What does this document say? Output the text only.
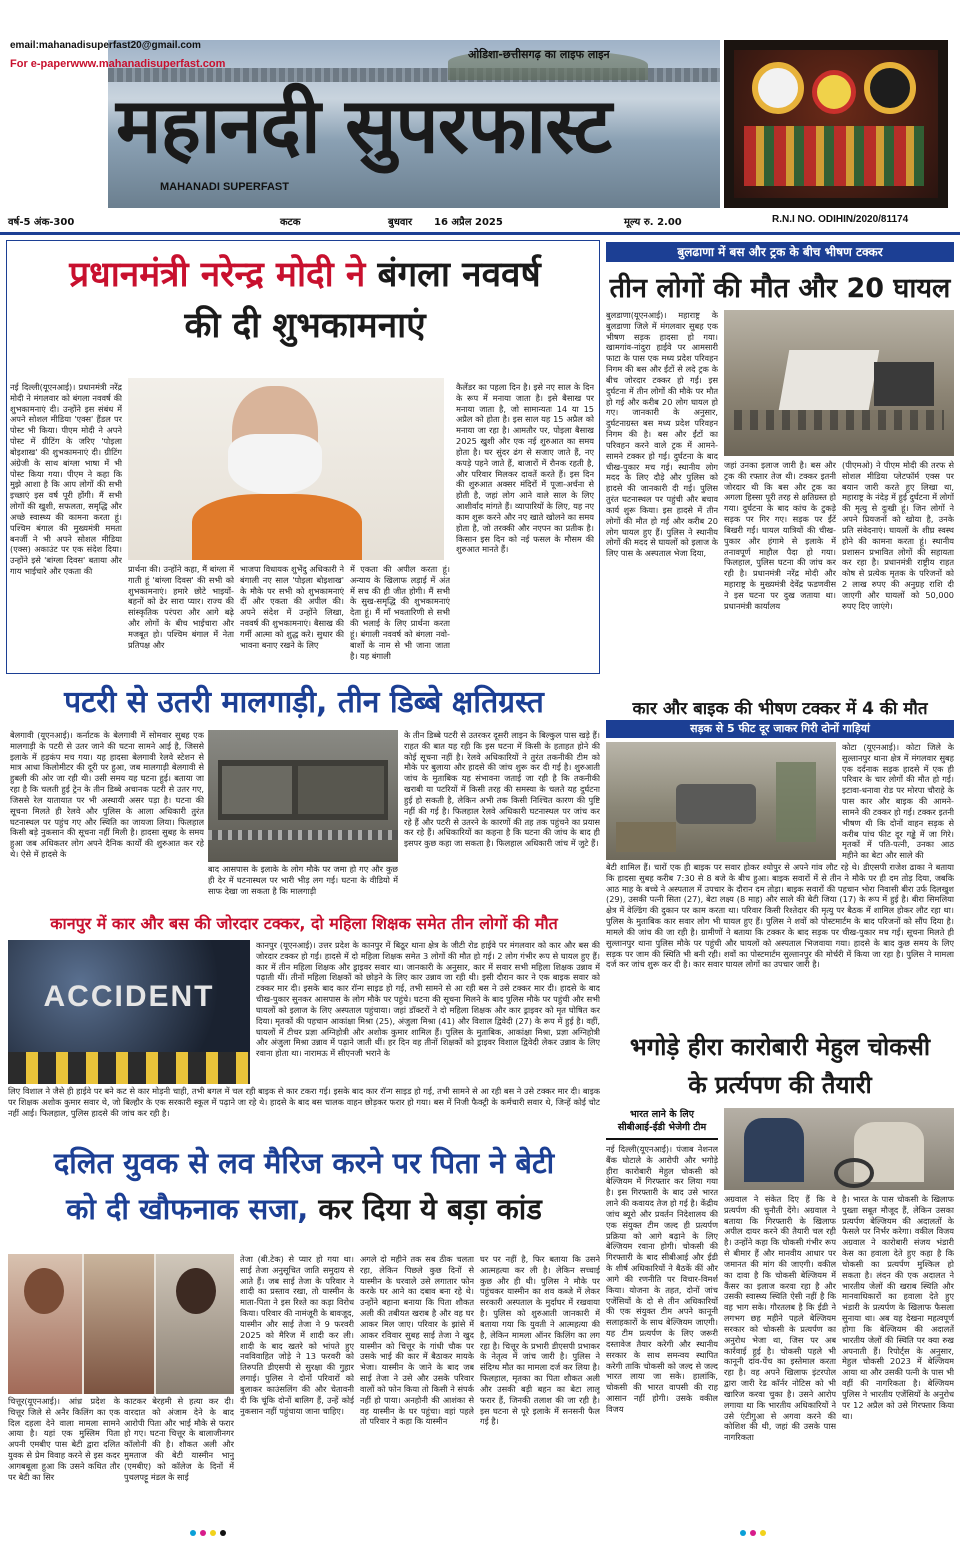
email:mahanadisuperfast20@gmail.com
For e-paperwww.mahanadisuperfast.com
ओडिशा-छत्तीसगढ़ का लाइफ लाइन
महानदी सुपरफास्ट
MAHANADI SUPERFAST
वर्ष-5 अंक-300	कटक	बुधवार 16 अप्रैल 2025	मूल्य रु. 2.00	R.N.I NO. ODIHIN/2020/81174
प्रधानमंत्री नरेन्द्र मोदी ने बंगला नववर्ष
की दी शुभकामनाएं
नई दिल्ली(यूएनआई)। प्रधानमंत्री नरेंद्र मोदी ने मंगलवार को बंगला नववर्ष की शुभकामनाएं दी। उन्होंने इस संबंध में अपने सोशल मीडिया 'एक्स' हैंडल पर पोस्ट भी किया। पीएम मोदी ने अपने पोस्ट में ग्रीटिंग के जरिए 'पोइला बोइशाख' की शुभकामनाएं दी। ग्रीटिंग अंग्रेजी के साथ बांग्ला भाषा में भी पोस्ट किया गया। पीएम ने कहा कि मुझे आशा है कि आप लोगों की सभी इच्छाएं इस वर्ष पूरी होंगी। मैं सभी लोगों की खुशी, सफलता, समृद्धि और अच्छे स्वास्थ्य की कामना करता हूं। पश्चिम बंगाल की मुख्यमंत्री ममता बनर्जी ने भी अपने सोशल मीडिया (एक्स) अकाउंट पर एक संदेश दिया। उन्होंने इसे 'बांग्ला दिवस' बताया और गाय भाईचारे और एकता की	प्रार्थना की। उन्होंने कहा, मैं बांग्ला में गाती हूं 'बांग्ला दिवस' की सभी को शुभकामनाएं। हमारे छोटे भाइयों-बहनों को ढेर सारा प्यार। राज्य की सांस्कृतिक परंपरा और आगे बढ़े और लोगों के बीच भाईचारा और मजबूत हो। पश्चिम बंगाल में नेता प्रतिपक्ष और
भाजपा विधायक शुभेंदु अधिकारी ने बंगाली नए साल 'पोइला बोइशाख' के मौके पर सभी को शुभकामनाएं दीं और एकता की अपील की। अपने संदेश में उन्होंने लिखा, नववर्ष की शुभकामनाएं। बैसाख की गर्मी आत्मा को शुद्ध करे। सुधार की भावना बनाए रखने के लिए
में एकता की अपील करता हूं। अन्याय के खिलाफ लड़ाई में अंत में सच की ही जीत होगी। मैं सभी के सुख-समृद्धि की शुभकामनाएं देता हूं। मैं माँ भवतारिणी से सभी की भलाई के लिए प्रार्थना करता हूं। बंगाली नववर्ष को बंगला नवो-बार्शो के नाम से भी जाना जाता है। यह बंगाली
कैलेंडर का पहला दिन है। इसे नए साल के दिन के रूप में मनाया जाता है। इसे बैसाख पर मनाया जाता है, जो सामान्यतः 14 या 15 अप्रैल को होता है। इस साल यह 15 अप्रैल को मनाया जा रहा है। आमतौर पर, पोइला बैसाख 2025 खुशी और एक नई शुरुआत का समय होता है। घर सुंदर ढंग से सजाए जाते हैं, नए कपड़े पहने जाते हैं, बाजारों में रौनक रहती है, और परिवार मिलकर दावतें करते हैं। इस दिन की शुरुआत अक्सर मंदिरों में पूजा-अर्चना से होती है, जहां लोग आने वाले साल के लिए आशीर्वाद मांगते हैं। व्यापारियों के लिए, यह नए काम शुरू करने और नए खाते खोलने का समय होता है, जो तरक्की और नएपन का प्रतीक है। किसान इस दिन को नई फसल के मौसम की शुरुआत मानते हैं।
बुलढाणा में बस और ट्रक के बीच भीषण टक्कर
तीन लोगों की मौत और 20 घायल
बुलडाणा(यूएनआई)। महाराष्ट्र के बुलडाणा जिले में मंगलवार सुबह एक भीषण सड़क हादसा हो गया। खामगांव-नांदुरा हाईवे पर आमसारी फाटा के पास एक मध्य प्रदेश परिवहन निगम की बस और ईंटों से लदे ट्रक के बीच जोरदार टक्कर हो गई। इस दुर्घटना में तीन लोगों की मौके पर मौत हो गई और करीब 20 लोग घायल हो गए। जानकारी के अनुसार, दुर्घटनाग्रस्त बस मध्य प्रदेश परिवहन निगम की है। बस और ईंटों का परिवहन करने वाले ट्रक में आमने-सामने टक्कर हो गई। दुर्घटना के बाद चीख-पुकार मच गई। स्थानीय लोग मदद के लिए दौड़े और पुलिस को हादसे की जानकारी दी गई। पुलिस तुरंत घटनास्थल पर पहुंची और बचाव कार्य शुरू किया। इस हादसे में तीन लोगों की मौत हो गई और करीब 20 लोग घायल हुए हैं। पुलिस ने स्थानीय लोगों की मदद से घायलों को इलाज के लिए पास के अस्पताल भेजा दिया,
जहां उनका इलाज जारी है। बस और ट्रक की रफ्तार तेज थी। टक्कर इतनी जोरदार थी कि बस और ट्रक का अगला हिस्सा पूरी तरह से क्षतिग्रस्त हो गया। दुर्घटना के बाद कांच के टुकड़े सड़क पर गिर गए। सड़क पर ईंटें बिखरी गईं। घायल यात्रियों की चीख-पुकार और हंगामे से इलाके में तनावपूर्ण माहौल पैदा हो गया। फिलहाल, पुलिस घटना की जांच कर रही है। प्रधानमंत्री नरेंद्र मोदी और महाराष्ट्र के मुख्यमंत्री देवेंद्र फडणवीस ने इस घटना पर दुख जताया था। प्रधानमंत्री कार्यालय
(पीएमओ) ने पीएम मोदी की तरफ से सोशल मीडिया प्लेटफॉर्म एक्स पर बयान जारी करते हुए लिखा था, महाराष्ट्र के नंदेड़ में हुई दुर्घटना में लोगों की मृत्यु से दुःखी हूं। जिन लोगों ने अपने प्रियजनों को खोया है, उनके प्रति संवेदनाएं। घायलों के शीघ्र स्वस्थ होने की कामना करता हूं। स्थानीय प्रशासन प्रभावित लोगों की सहायता कर रहा है। प्रधानमंत्री राष्ट्रीय राहत कोष से प्रत्येक मृतक के परिजनों को 2 लाख रुपए की अनुग्रह राशि दी जाएगी और घायलों को 50,000 रुपए दिए जाएंगे।
पटरी से उतरी मालगाड़ी, तीन डिब्बे क्षतिग्रस्त
बेलगावी (यूएनआई)। कर्नाटक के बेलगावी में सोमवार सुबह एक मालगाड़ी के पटरी से उतर जाने की घटना सामने आई है, जिससे इलाके में हड़कंप मच गया। यह हादसा बेलगावी रेलवे स्टेशन से मात्र आधा किलोमीटर की दूरी पर हुआ, जब मालगाड़ी बेलगावी से हुबली की ओर जा रही थी। उसी समय यह घटना हुई। बताया जा रहा है कि चलती हुई ट्रेन के तीन डिब्बे अचानक पटरी से उतर गए, जिससे रेल यातायात पर भी अस्थायी असर पड़ा है। घटना की सूचना मिलते ही रेलवे और पुलिस के आला अधिकारी तुरंत घटनास्थल पर पहुंच गए और स्थिति का जायजा लिया। फिलहाल किसी बड़े नुकसान की सूचना नहीं मिली है। हादसा सुबह के समय हुआ जब अधिकतर लोग अपने दैनिक कार्यों की शुरुआत कर रहे थे। ऐसे में हादसे के
बाद आसपास के इलाके के लोग मौके पर जमा हो गए और कुछ ही देर में घटनास्थल पर भारी भीड़ लग गई। घटना के वीडियो में साफ देखा जा सकता है कि मालगाड़ी
के तीन डिब्बे पटरी से उतरकर दूसरी लाइन के बिल्कुल पास खड़े हैं। राहत की बात यह रही कि इस घटना में किसी के हताहत होने की कोई सूचना नहीं है। रेलवे अधिकारियों ने तुरंत तकनीकी टीम को मौके पर बुलाया और हादसे की जांच शुरू कर दी गई है। शुरुआती जांच के मुताबिक यह संभावना जताई जा रही है कि तकनीकी खराबी या पटरियों में किसी तरह की समस्या के चलते यह दुर्घटना हुई हो सकती है, लेकिन अभी तक किसी निश्चित कारण की पुष्टि नहीं की गई है। फिलहाल रेलवे अधिकारी घटनास्थल पर जांच कर रहे हैं और पटरी से उतरने के कारणों की तह तक पहुंचने का प्रयास कर रहे हैं। अधिकारियों का कहना है कि घटना की जांच के बाद ही इसपर कुछ कहा जा सकता है। फिलहाल अधिकारी जांच में जुटे हैं।
कार और बाइक की भीषण टक्कर में 4 की मौत
सड़क से 5 फीट दूर जाकर गिरी दोनों गाड़ियां
कोटा (यूएनआई)। कोटा जिले के सुल्तानपुर थाना क्षेत्र में मंगलवार सुबह एक दर्दनाक सड़क हादसे में एक ही परिवार के चार लोगों की मौत हो गई। इटावा-धनावा रोड पर मोरपा चौराहे के पास कार और बाइक की आमने-सामने की टक्कर हो गई। टक्कर इतनी भीषण थी कि दोनों वाहन सड़क से करीब पांच फीट दूर गड्ढे में जा गिरे। मृतकों में पति-पत्नी, उनका आठ महीने का बेटा और साले की
बेटी शामिल हैं। चारों एक ही बाइक पर सवार होकर श्योपुर से अपने गांव लौट रहे थे। डीएसपी राजेश ढाका ने बताया कि हादसा सुबह करीब 7:30 से 8 बजे के बीच हुआ। बाइक सवारों में से तीन ने मौके पर ही दम तोड़ दिया, जबकि आठ माह के बच्चे ने अस्पताल में उपचार के दौरान दम तोड़ा। बाइक सवारों की पहचान भोरा निवासी बीरा उर्फ दिलखुश (29), उसकी पत्नी सिता (27), बेटा लक्ष्य (8 माह) और साले की बेटी जिया (17) के रूप में हुई है। बीरा सिमलिया क्षेत्र में वेल्डिंग की दुकान पर काम करता था। परिवार किसी रिश्तेदार की मृत्यु पर बैठक में शामिल होकर लौट रहा था। पुलिस के मुताबिक कार सवार लोग भी घायल हुए हैं। पुलिस ने शवों को पोस्टमार्टम के बाद परिजनों को सौंप दिया है। मामले की जांच की जा रही है। ग्रामीणों ने बताया कि टक्कर के बाद सड़क पर चीख-पुकार मच गई। सूचना मिलते ही सुल्तानपुर थाना पुलिस मौके पर पहुंची और घायलों को अस्पताल भिजवाया गया। हादसे के बाद कुछ समय के लिए सड़क पर जाम की स्थिति भी बनी रही। शवों का पोस्टमार्टम सुल्तानपुर की मोर्चरी में किया जा रहा है। पुलिस ने मामला दर्ज कर जांच शुरू कर दी है। कार सवार घायल लोगों का उपचार जारी है।
कानपुर में कार और बस की जोरदार टक्कर, दो महिला शिक्षक समेत तीन लोगों की मौत
ACCIDENT
कानपुर (यूएनआई)। उत्तर प्रदेश के कानपुर में बिठूर थाना क्षेत्र के जीटी रोड हाईवे पर मंगलवार को कार और बस की जोरदार टक्कर हो गई। हादसे में दो महिला शिक्षक समेत 3 लोगों की मौत हो गई। 2 लोग गंभीर रूप से घायल हुए हैं। कार में तीन महिला शिक्षक और ड्राइवर सवार था। जानकारी के अनुसार, कार में सवार सभी महिला शिक्षक उन्नाव में पढ़ाती थीं। तीनों महिला शिक्षकों को छोड़ने के लिए कार उन्नाव जा रही थी। इसी दौरान कार ने एक बाइक सवार को टक्कर मार दी। इसके बाद कार रॉन्ग साइड हो गई, तभी सामने से आ रही बस ने उसे टक्कर मार दी। हादसे के बाद चीख-पुकार सुनकर आसपास के लोग मौके पर पहुंचे। घटना की सूचना मिलने के बाद पुलिस मौके पर पहुंची और सभी घायलों को इलाज के लिए अस्पताल पहुंचाया। जहां डॉक्टरों ने दो महिला शिक्षक और कार ड्राइवर को मृत घोषित कर दिया। मृतकों की पहचान आकांक्षा मिश्रा (25), अंजुला मिश्रा (41) और विशाल द्विवेदी (27) के रूप में हुई है। वहीं, घायलों में टीचर प्रज्ञा अग्निहोत्री और अशोक कुमार शामिल हैं। पुलिस के मुताबिक, आकांक्षा मिश्रा, प्रज्ञा अग्निहोत्री और अंजुला मिश्रा उन्नाव में पढ़ाने जाती थीं। हर दिन वह तीनों शिक्षकों को ड्राइवर विशाल द्विवेदी लेकर उन्नाव के लिए रवाना होता था। नारामऊ में सीएनजी भराने के
लिए विशाल ने जैसे ही हाईवे पर बने कट से कार मोड़नी चाही, तभी बगल में चल रही बाइक से कार टकरा गई। इसके बाद कार रॉन्ग साइड हो गई, तभी सामने से आ रही बस ने उसे टक्कर मार दी। बाइक पर शिक्षक अशोक कुमार सवार थे, जो बिल्हौर के एक सरकारी स्कूल में पढ़ाने जा रहे थे। हादसे के बाद बस चालक वाहन छोड़कर फरार हो गया। बस में निजी फैक्ट्री के कर्मचारी सवार थे, जिन्हें कोई चोट नहीं आई। फिलहाल, पुलिस हादसे की जांच कर रही है।
भगोड़े हीरा कारोबारी मेहुल चोकसी
के प्रर्त्यपण की तैयारी
भारत लाने के लिए
सीबीआई-ईडी भेजेगी टीम
नई दिल्ली(यूएनआई)। पंजाब नेशनल बैंक घोटाले के आरोपी और भगोड़े हीरा कारोबारी मेहुल चोकसी को बेल्जियम में गिरफ्तार कर लिया गया है। इस गिरफ्तारी के बाद उसे भारत लाने की कवायद तेज हो गई है। केंद्रीय जांच ब्यूरो और प्रवर्तन निदेशालय की एक संयुक्त टीम जल्द ही प्रत्यर्पण प्रक्रिया को आगे बढ़ाने के लिए बेल्जियम रवाना होगी। चोकसी की गिरफ्तारी के बाद सीबीआई और ईडी के शीर्ष अधिकारियों ने बैठकें कीं और आगे की रणनीति पर विचार-विमर्श किया। योजना के तहत, दोनों जांच एजेंसियों के दो से तीन अधिकारियों की एक संयुक्त टीम अपने कानूनी सलाहकारों के साथ बेल्जियम जाएगी। यह टीम प्रत्यर्पण के लिए जरूरी दस्तावेज तैयार करेगी और स्थानीय सरकार के साथ समन्वय स्थापित करेगी ताकि चोकसी को जल्द से जल्द भारत लाया जा सके। हालांकि, चोकसी की भारत वापसी की राह आसान नहीं होगी। उसके वकील विजय
अग्रवाल ने संकेत दिए हैं कि वे प्रत्यर्पण की चुनौती देंगे। अग्रवाल ने बताया कि गिरफ्तारी के खिलाफ अपील दायर करने की तैयारी चल रही है। उन्होंने कहा कि चोकसी गंभीर रूप से बीमार हैं और मानवीय आधार पर जमानत की मांग की जाएगी। वकील का दावा है कि चोकसी बेल्जियम में कैंसर का इलाज करवा रहा है और उसकी स्वास्थ्य स्थिति ऐसी नहीं है कि वह भाग सके। गौरतलब है कि ईडी ने लगभग छह महीने पहले बेल्जियम सरकार को चोकसी के प्रत्यर्पण का अनुरोध भेजा था, जिस पर अब कार्रवाई हुई है। चोकसी पहले भी कानूनी दांव-पेंच का इस्तेमाल करता रहा है। वह अपने खिलाफ इंटरपोल द्वारा जारी रेड कॉर्नर नोटिस को भी खारिज करवा चुका है। उसने आरोप लगाया था कि भारतीय अधिकारियों ने उसे एंटीगुआ से अगवा करने की कोशिश की थी, जहां की उसके पास नागरिकता
है। भारत के पास चोकसी के खिलाफ पुख्ता सबूत मौजूद हैं, लेकिन उसका प्रत्यर्पण बेल्जियम की अदालतों के फैसले पर निर्भर करेगा। वकील विजय अग्रवाल ने कारोबारी संजय भंडारी केस का हवाला देते हुए कहा है कि चोकसी का प्रत्यर्पण मुश्किल हो सकता है। लंदन की एक अदालत ने भारतीय जेलों की खराब स्थिति और मानवाधिकारों का हवाला देते हुए भंडारी के प्रत्यर्पण के खिलाफ फैसला सुनाया था। अब यह देखना महत्वपूर्ण होगा कि बेल्जियम की अदालतें भारतीय जेलों की स्थिति पर क्या रुख अपनाती हैं। रिपोर्ट्स के अनुसार, मेहुल चोकसी 2023 में बेल्जियम आया था और उसकी पत्नी के पास भी वहीं की नागरिकता है। बेल्जियम पुलिस ने भारतीय एजेंसियों के अनुरोध पर 12 अप्रैल को उसे गिरफ्तार किया था।
दलित युवक से लव मैरिज करने पर पिता ने बेटी
को दी खौफनाक सजा, कर दिया ये बड़ा कांड
चित्तूर(यूएनआई)। आंध्र प्रदेश के चित्तूर जिले से अनैर किलिंग का एक दिल दहला देने वाला मामला सामने आया है। यहां एक मुस्लिम पिता अपनी एमबीए पास बेटी द्वारा दलित युवक से प्रेम विवाह करने से इस कदर आगबबूला हुआ कि उसने कथित तौर पर बेटी का सिर
काटकर बेरहमी से हत्या कर दी। वारदात को अंजाम देने के बाद आरोपी पिता और भाई मौके से फरार हो गए। घटना चित्तूर के बालाजीनगर कॉलोनी की है। शौकत अली और मुमताज की बेटी यास्मीन भानु (एमबीए) को कॉलेज के दिनों में पुथलपट्टू मंडल के साई
तेजा (बी.टेक) से प्यार हो गया था। साई तेजा अनुसूचित जाति समुदाय से आते हैं। जब साई तेजा के परिवार ने शादी का प्रस्ताव रखा, तो यास्मीन के माता-पिता ने इस रिश्ते का कड़ा विरोध किया। परिवार की नामंजूरी के बावजूद, यास्मीन और साई तेजा ने 9 फरवरी 2025 को मैरिज में शादी कर ली। शादी के बाद खतरे को भांपते हुए नवविवाहित जोड़े ने 13 फरवरी को तिरुपति डीएसपी से सुरक्षा की गुहार लगाई। पुलिस ने दोनों परिवारों को बुलाकर काउंसलिंग की और चेतावनी दी कि चूंकि दोनों बालिग हैं, उन्हें कोई नुकसान नहीं पहुंचाया जाना चाहिए।
अगले दो महीने तक सब ठीक चलता रहा, लेकिन पिछले कुछ दिनों से यास्मीन के घरवाले उसे लगातार फोन करके घर आने का दबाव बना रहे थे। उन्होंने बहाना बनाया कि पिता शौकत अली की तबीयत खराब है और वह घर आकर मिल जाए। परिवार के झांसे में आकर रविवार सुबह साई तेजा ने खुद यास्मीन को चित्तूर के गांधी चौक पर उसके भाई की कार में बैठाकर मायके भेजा। यास्मीन के जाने के बाद जब साई तेजा ने उसे और उसके परिवार वालों को फोन किया तो किसी ने संपर्क नहीं हो पाया। अनहोनी की आशंका से वह यास्मीन के घर पहुंचा। वहां पहले तो परिवार ने कहा कि यास्मीन
घर पर नहीं है, फिर बताया कि उसने आत्महत्या कर ली है। लेकिन सच्चाई कुछ और ही थी। पुलिस ने मौके पर पहुंचकर यास्मीन का शव कब्जे में लेकर सरकारी अस्पताल के मुर्दाघर में रखवाया है। पुलिस को शुरुआती जानकारी में बताया गया कि युवती ने आत्महत्या की है, लेकिन मामला ऑनर किलिंग का लग रहा है। चित्तूर के प्रभारी डीएसपी प्रभाकर के नेतृत्व में जांच जारी है। पुलिस ने संदिग्ध मौत का मामला दर्ज कर लिया है। फिलहाल, मृतका का पिता शौकत अली और उसकी बड़ी बहन का बेटा लालू फरार हैं, जिनकी तलाश की जा रही है। इस घटना से पूरे इलाके में सनसनी फैल गई है।
